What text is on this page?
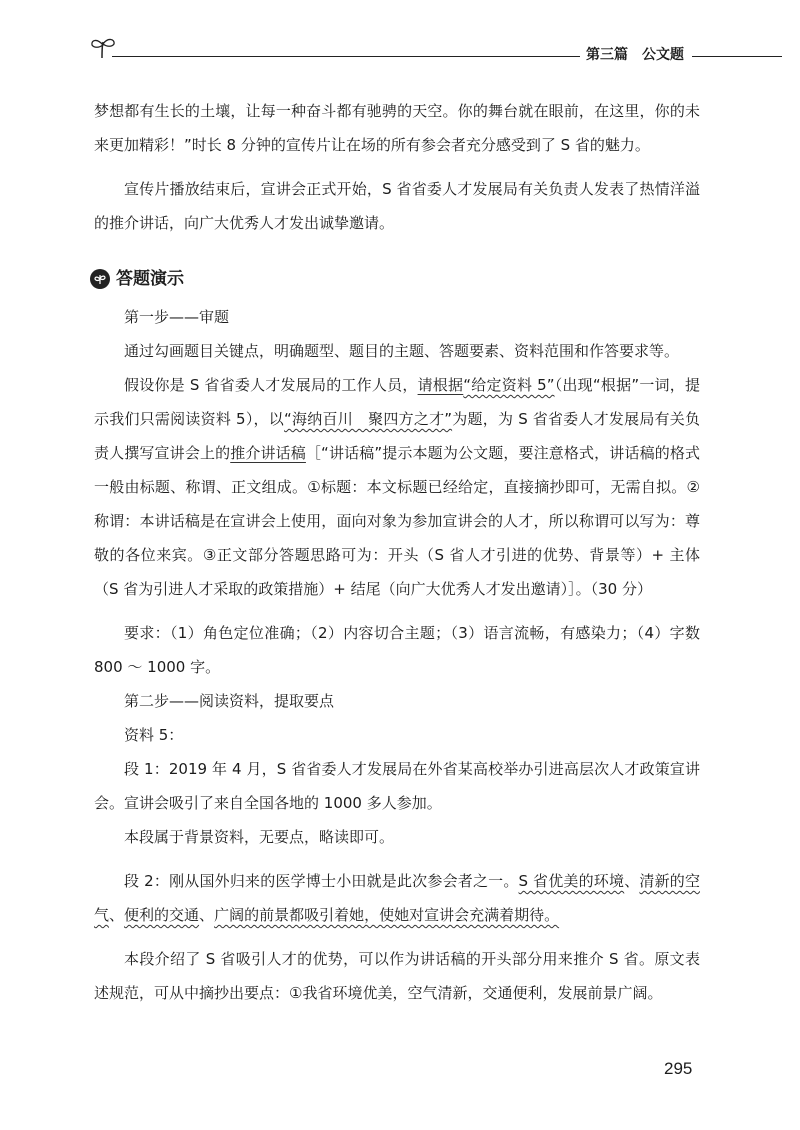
第三篇　公文题

梦想都有生长的土壤，让每一种奋斗都有驰骋的天空。你的舞台就在眼前，在这里，你的未来更加精彩！”时长 8 分钟的宣传片让在场的所有参会者充分感受到了 S 省的魅力。

宣传片播放结束后，宣讲会正式开始，S 省省委人才发展局有关负责人发表了热情洋溢的推介讲话，向广大优秀人才发出诚挚邀请。

答题演示

第一步——审题

通过勾画题目关键点，明确题型、题目的主题、答题要素、资料范围和作答要求等。

假设你是 S 省省委人才发展局的工作人员，请根据“给定资料 5”（出现“根据”一词，提示我们只需阅读资料 5），以“海纳百川　聚四方之才”为题，为 S 省省委人才发展局有关负责人撰写宣讲会上的推介讲话稿［“讲话稿”提示本题为公文题，要注意格式，讲话稿的格式一般由标题、称谓、正文组成。①标题：本文标题已经给定，直接摘抄即可，无需自拟。②称谓：本讲话稿是在宣讲会上使用，面向对象为参加宣讲会的人才，所以称谓可以写为：尊敬的各位来宾。③正文部分答题思路可为：开头（S 省人才引进的优势、背景等）+ 主体（S 省为引进人才采取的政策措施）+ 结尾（向广大优秀人才发出邀请）］。（30 分）

要求：（1）角色定位准确；（2）内容切合主题；（3）语言流畅，有感染力；（4）字数 800 ～ 1000 字。

第二步——阅读资料，提取要点

资料 5：

段 1：2019 年 4 月，S 省省委人才发展局在外省某高校举办引进高层次人才政策宣讲会。宣讲会吸引了来自全国各地的 1000 多人参加。

本段属于背景资料，无要点，略读即可。

段 2：刚从国外归来的医学博士小田就是此次参会者之一。S 省优美的环境、清新的空气、便利的交通、广阔的前景都吸引着她，使她对宣讲会充满着期待。

本段介绍了 S 省吸引人才的优势，可以作为讲话稿的开头部分用来推介 S 省。原文表述规范，可从中摘抄出要点：①我省环境优美，空气清新，交通便利，发展前景广阔。

295
